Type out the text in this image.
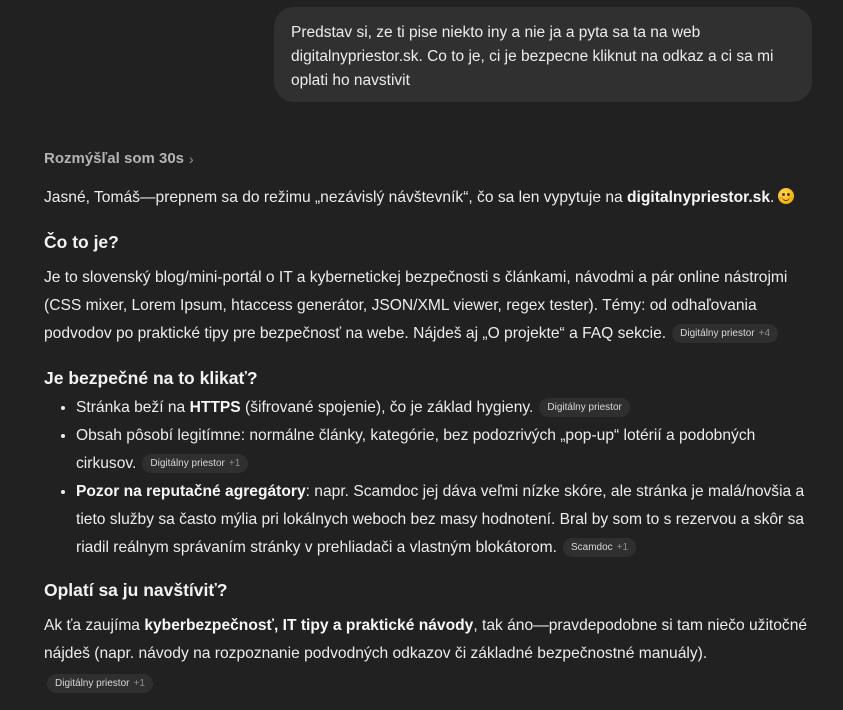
Predstav si, ze ti pise niekto iny a nie ja a pyta sa ta na web digitalnypriestor.sk. Co to je, ci je bezpecne kliknut na odkaz a ci sa mi oplati ho navstivit
Rozmýšľal som 30s ›

Jasné, Tomáš—prepnem sa do režimu „nezávislý návštevník“, čo sa len vypytuje na digitalnypriestor.sk.

Čo to je?

Je to slovenský blog/mini-portál o IT a kybernetickej bezpečnosti s článkami, návodmi a pár online nástrojmi (CSS mixer, Lorem Ipsum, htaccess generátor, JSON/XML viewer, regex tester). Témy: od odhaľovania podvodov po praktické tipy pre bezpečnosť na webe. Nájdeš aj „O projekte“ a FAQ sekcie. Digitálny priestor +4

Je bezpečné na to klikať?
• Stránka beží na HTTPS (šifrované spojenie), čo je základ hygieny. Digitálny priestor
• Obsah pôsobí legitímne: normálne články, kategórie, bez podozrivých „pop-up“ lotérií a podobných cirkusov. Digitálny priestor +1
• Pozor na reputačné agregátory: napr. Scamdoc jej dáva veľmi nízke skóre, ale stránka je malá/novšia a tieto služby sa často mýlia pri lokálnych weboch bez masy hodnotení. Bral by som to s rezervou a skôr sa riadil reálnym správaním stránky v prehliadači a vlastným blokátorom. Scamdoc +1
Oplatí sa ju navštíviť?

Ak ťa zaujíma kyberbezpečnosť, IT tipy a praktické návody, tak áno—pravdepodobne si tam niečo užitočné nájdeš (napr. návody na rozpoznanie podvodných odkazov či základné bezpečnostné manuály).

Digitálny priestor +1
